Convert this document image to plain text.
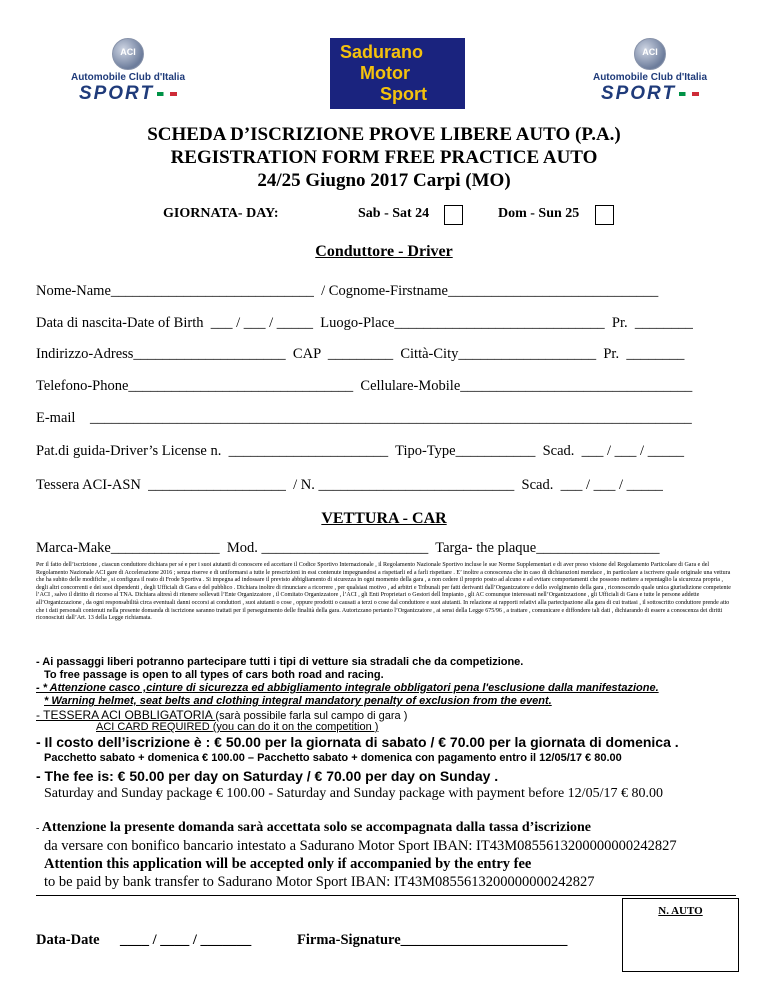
ACI
Automobile Club d'Italia
SPORT
Sadurano
Motor
Sport
ACI
Automobile Club d'Italia
SPORT
SCHEDA D’ISCRIZIONE PROVE LIBERE AUTO (P.A.)
REGISTRATION FORM FREE PRACTICE AUTO
24/25 Giugno 2017 Carpi (MO)
GIORNATA- DAY:	Sab - Sat 24	Dom - Sun 25
Conduttore - Driver
Nome-Name____________________________  / Cognome-Firstname_____________________________
Data di nascita-Date of Birth  ___ / ___ / _____  Luogo-Place_____________________________  Pr.  ________
Indirizzo-Adress_____________________  CAP  _________  Città-City___________________  Pr.  ________
Telefono-Phone_______________________________  Cellulare-Mobile________________________________
E-mail    ___________________________________________________________________________________
Pat.di guida-Driver’s License n.  ______________________  Tipo-Type___________  Scad.  ___ / ___ / _____
Tessera ACI-ASN  ___________________  / N. ___________________________  Scad.  ___ / ___ / _____
VETTURA - CAR
Marca-Make_______________  Mod. _______________________  Targa- the plaque_________________
Per il fatto dell’iscrizione , ciascun conduttore dichiara per sé e per i suoi aiutanti di conoscere ed accettare il Codice Sportivo Internazionale , il Regolamento Nazionale Sportivo incluse le sue Norme Supplementari e di aver preso visione del Regolamento Particolare di Gara e del Regolamento Nazionale ACI gare di Accelerazione 2016 ; senza riserve e di uniformarsi a tutte le prescrizioni in essi contenute impegnandosi a rispettarli ed a farli rispettare . E’ inoltre a conoscenza che in caso di dichiarazioni mendace , in particolare a iscrivere quale originale una vettura che ha subito delle modifiche , si configura il reato di Frode Sportiva . Si impegna ad indossare il previsto abbigliamento di sicurezza in ogni momento della gara , a non cedere il proprio posto ad alcuno e ad evitare comportamenti che possono mettere a repentaglio la sicurezza propria , degli altri concorrenti e dei suoi dipendenti , degli Ufficiali di Gara e del pubblico . Dichiara inoltre di rinunciare a ricorrere , per qualsiasi motivo , ad arbitri e Tribunali per fatti derivanti dall’Organizzatore e dello svolgimento della gara , riconoscendo quale unica giurisdizione competente l’ACI , salvo il diritto di ricorso al TNA. Dichiara altresì di ritenere sollevati l’Ente Organizzatore , il Comitato Organizzatore , l’ACI , gli Enti Proprietari o Gestori dell Impianto , gli AC comunque interessati nell’Organizzazione , gli Ufficiali di Gara e tutte le persone addette all’Organizzazione , da ogni responsabilità circa eventuali danni occorsi ai conduttori , suoi aiutanti o cose , oppure prodotti o causati a terzi o cose dal conduttore e suoi aiutanti. In relazione ai rapporti relativi alla partecipazione alla gara di cui trattasi , il sottoscritto conduttore prende atto che i dati personali contenuti nella presente domanda di iscrizione saranno trattati per il perseguimento delle finalità della gara. Autorizzano pertanto l’Organizzatore , ai sensi della Legge 675/96 , a trattare , comunicare e diffondere tali dati , dichiarando di essere a conoscenza dei diritti riconosciuti dall’Art. 13 della Legge richiamata.
- Ai passaggi liberi potranno partecipare tutti i tipi di vetture sia stradali che da competizione.
To free passage is open to all types of cars both road and racing.
- * Attenzione casco ,cinture di sicurezza ed abbigliamento integrale obbligatori pena l'esclusione dalla manifestazione.
* Warning helmet, seat belts and clothing integral mandatory penalty of exclusion from the event.
- TESSERA ACI OBBLIGATORIA (sarà possibile farla sul campo di gara )
ACI CARD REQUIRED (you can do it on the competition )
- Il costo dell’iscrizione è : € 50.00 per la giornata di sabato / € 70.00 per la giornata di domenica .
Pacchetto sabato + domenica € 100.00 – Pacchetto sabato + domenica con pagamento entro il 12/05/17 € 80.00
- The fee is: € 50.00 per day on Saturday / € 70.00 per day on Sunday .
Saturday and Sunday package € 100.00 - Saturday and Sunday package with payment before 12/05/17 € 80.00
- Attenzione la presente domanda sarà accettata solo se accompagnata dalla tassa d’iscrizione
da versare con bonifico bancario intestato a Sadurano Motor Sport IBAN: IT43M0855613200000000242827
Attention this application will be accepted only if accompanied by the entry fee
to be paid by bank transfer to Sadurano Motor Sport IBAN: IT43M0855613200000000242827
N. AUTO
Data-Date ____ / ____ / _______	Firma-Signature_______________________
